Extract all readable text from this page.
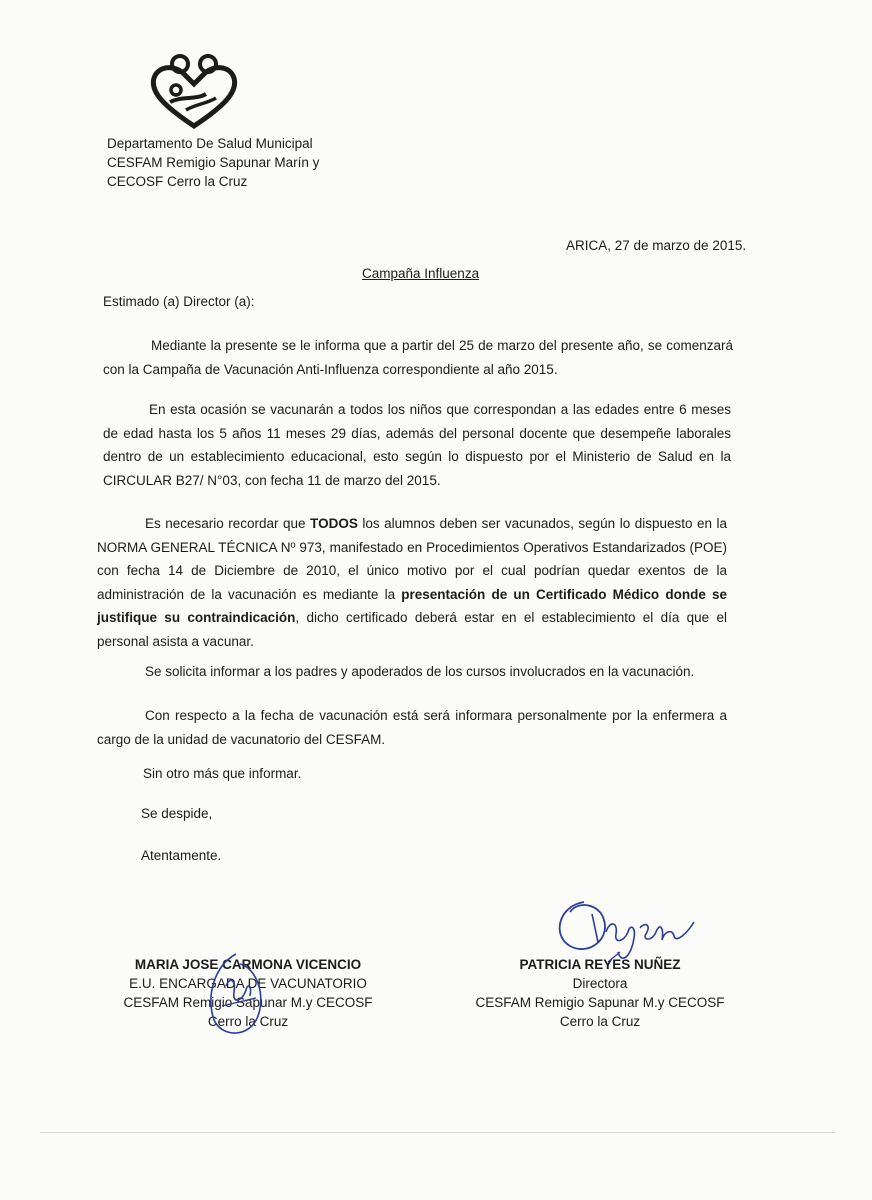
Departamento De Salud Municipal
CESFAM Remigio Sapunar Marín y
CECOSF Cerro la Cruz
ARICA, 27 de marzo de 2015.
Campaña Influenza
Estimado (a) Director (a):
Mediante la presente se le informa que a partir del 25 de marzo del presente año, se comenzará con la Campaña de Vacunación Anti-Influenza correspondiente al año 2015.
En esta ocasión se vacunarán a todos los niños que correspondan a las edades entre 6 meses de edad hasta los 5 años 11 meses 29 días, además del personal docente que desempeñe laborales dentro de un establecimiento educacional, esto según lo dispuesto por el Ministerio de Salud en la CIRCULAR B27/ N°03, con fecha 11 de marzo del 2015.
Es necesario recordar que TODOS los alumnos deben ser vacunados, según lo dispuesto en la NORMA GENERAL TÉCNICA Nº 973, manifestado en Procedimientos Operativos Estandarizados (POE) con fecha 14 de Diciembre de 2010, el único motivo por el cual podrían quedar exentos de la administración de la vacunación es mediante la presentación de un Certificado Médico donde se justifique su contraindicación, dicho certificado deberá estar en el establecimiento el día que el personal asista a vacunar.
Se solicita informar a los padres y apoderados de los cursos involucrados en la vacunación.
Con respecto a la fecha de vacunación está será informara personalmente por la enfermera a cargo de la unidad de vacunatorio del CESFAM.
Sin otro más que informar.
Se despide,
Atentamente.
MARIA JOSE CARMONA VICENCIO
E.U. ENCARGADA DE VACUNATORIO
CESFAM Remigio Sapunar M.y CECOSF
Cerro la Cruz
PATRICIA REYES NUÑEZ
Directora
CESFAM Remigio Sapunar M.y CECOSF
Cerro la Cruz
